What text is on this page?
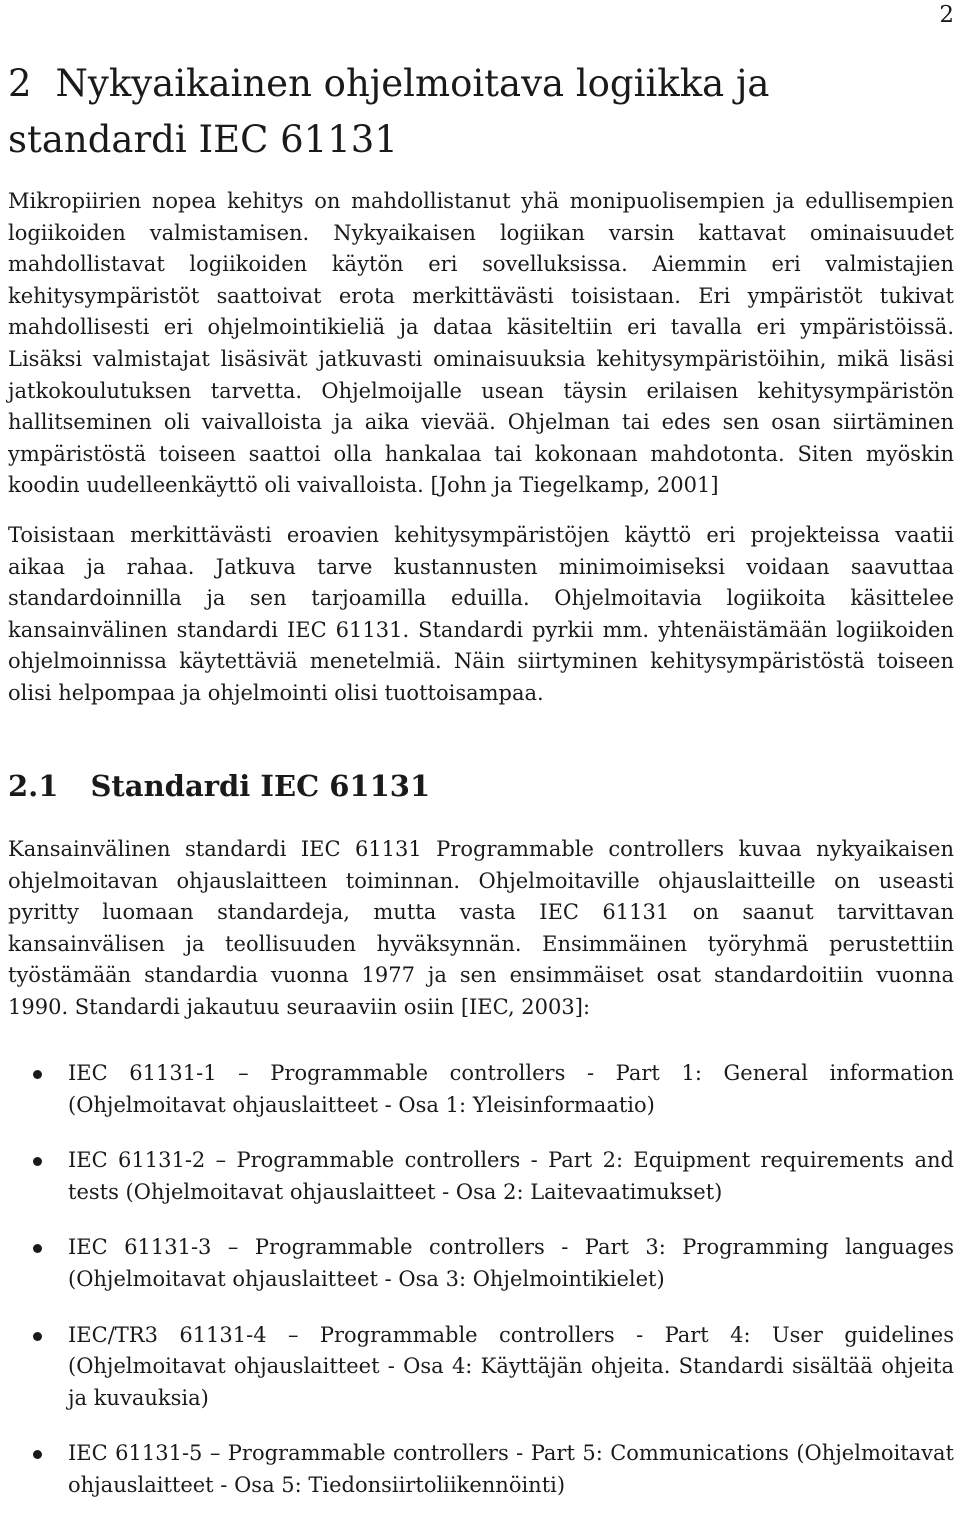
2
2 Nykyaikainen ohjelmoitava logiikka ja standardi IEC 61131

Mikropiirien nopea kehitys on mahdollistanut yhä monipuolisempien ja edullisempien logiikoiden valmistamisen. Nykyaikaisen logiikan varsin kattavat ominaisuudet mahdollistavat logiikoiden käytön eri sovelluksissa. Aiemmin eri valmistajien kehitysympäristöt saattoivat erota merkittävästi toisistaan. Eri ympäristöt tukivat mahdollisesti eri ohjelmointikieliä ja dataa käsiteltiin eri tavalla eri ympäristöissä. Lisäksi valmistajat lisäsivät jatkuvasti ominaisuuksia kehitysympäristöihin, mikä lisäsi jatkokoulutuksen tarvetta. Ohjelmoijalle usean täysin erilaisen kehitysympäristön hallitseminen oli vaivalloista ja aika vievää. Ohjelman tai edes sen osan siirtäminen ympäristöstä toiseen saattoi olla hankalaa tai kokonaan mahdotonta. Siten myöskin koodin uudelleenkäyttö oli vaivalloista. [John ja Tiegelkamp, 2001]

Toisistaan merkittävästi eroavien kehitysympäristöjen käyttö eri projekteissa vaatii aikaa ja rahaa. Jatkuva tarve kustannusten minimoimiseksi voidaan saavuttaa standardoinnilla ja sen tarjoamilla eduilla. Ohjelmoitavia logiikoita käsittelee kansainvälinen standardi IEC 61131. Standardi pyrkii mm. yhtenäistämään logiikoiden ohjelmoinnissa käytettäviä menetelmiä. Näin siirtyminen kehitysympäristöstä toiseen olisi helpompaa ja ohjelmointi olisi tuottoisampaa.

2.1 Standardi IEC 61131

Kansainvälinen standardi IEC 61131 Programmable controllers kuvaa nykyaikaisen ohjelmoitavan ohjauslaitteen toiminnan. Ohjelmoitaville ohjauslaitteille on useasti pyritty luomaan standardeja, mutta vasta IEC 61131 on saanut tarvittavan kansainvälisen ja teollisuuden hyväksynnän. Ensimmäinen työryhmä perustettiin työstämään standardia vuonna 1977 ja sen ensimmäiset osat standardoitiin vuonna 1990. Standardi jakautuu seuraaviin osiin [IEC, 2003]:

IEC 61131-1 – Programmable controllers - Part 1: General information (Ohjelmoitavat ohjauslaitteet - Osa 1: Yleisinformaatio)
IEC 61131-2 – Programmable controllers - Part 2: Equipment requirements and tests (Ohjelmoitavat ohjauslaitteet - Osa 2: Laitevaatimukset)
IEC 61131-3 – Programmable controllers - Part 3: Programming languages (Ohjelmoitavat ohjauslaitteet - Osa 3: Ohjelmointikielet)
IEC/TR3 61131-4 – Programmable controllers - Part 4: User guidelines (Ohjelmoitavat ohjauslaitteet - Osa 4: Käyttäjän ohjeita. Standardi sisältää ohjeita ja kuvauksia)
IEC 61131-5 – Programmable controllers - Part 5: Communications (Ohjelmoitavat ohjauslaitteet - Osa 5: Tiedonsiirtoliikennöinti)
